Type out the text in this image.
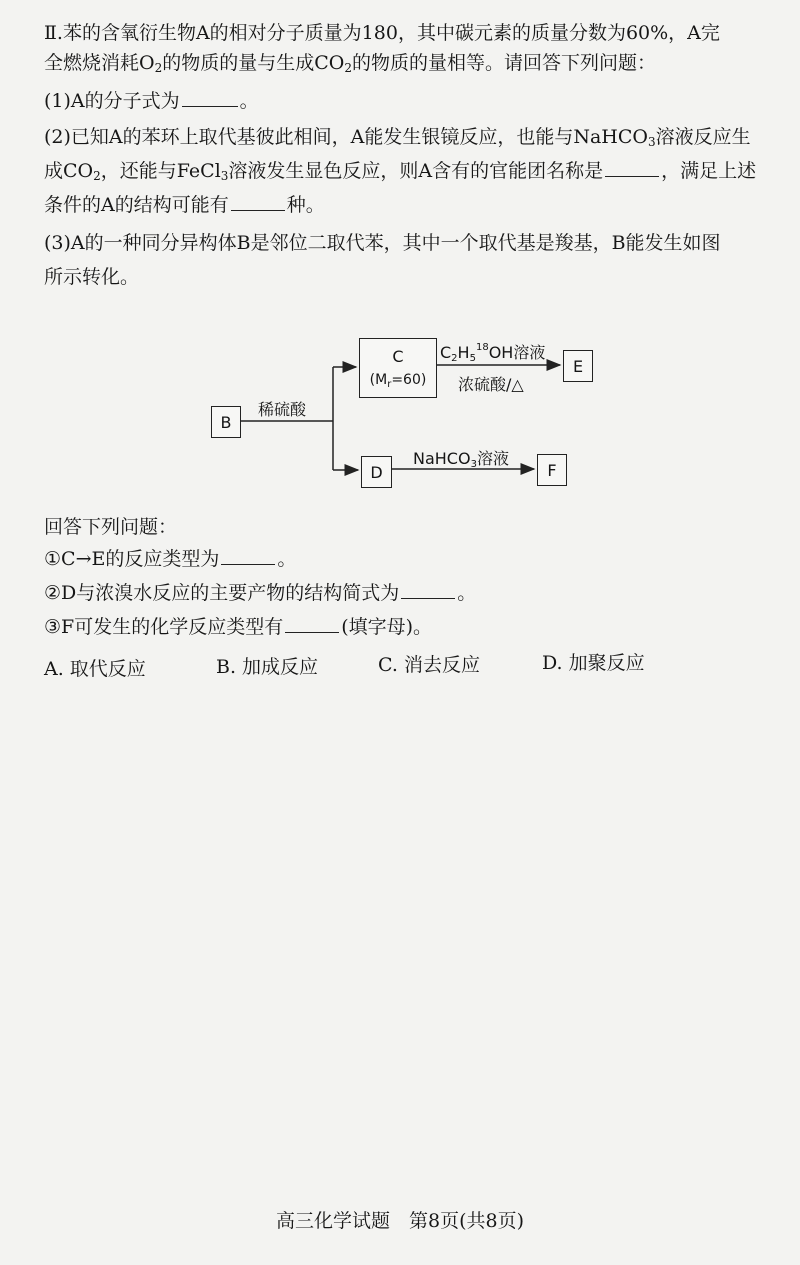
Ⅱ.苯的含氧衍生物A的相对分子质量为180，其中碳元素的质量分数为60%，A完
全燃烧消耗$O_2$的物质的量与生成$CO_2$的物质的量相等。请回答下列问题：
(1)A的分子式为	。
(2)已知A的苯环上取代基彼此相间，A能发生银镜反应，也能与NaHCO$_3$溶液反应生
成$CO_2$，还能与FeCl$_3$溶液发生显色反应，则A含有的官能团名称是	，满足上述
条件的A的结构可能有	种。
(3)A的一种同分异构体B是邻位二取代苯，其中一个取代基是羧基，B能发生如图
所示转化。
B
C
$(M_r=60)$
E
D	F
稀硫酸
$C_2H_5^{18}OH$溶液
浓硫酸/△
NaHCO$_3$溶液
回答下列问题：
①C→E的反应类型为	。
②D与浓溴水反应的主要产物的结构简式为	。
③F可发生的化学反应类型有	(填字母)。
A. 取代反应	B. 加成反应	C. 消去反应	D. 加聚反应
高三化学试题　第8页(共8页)
